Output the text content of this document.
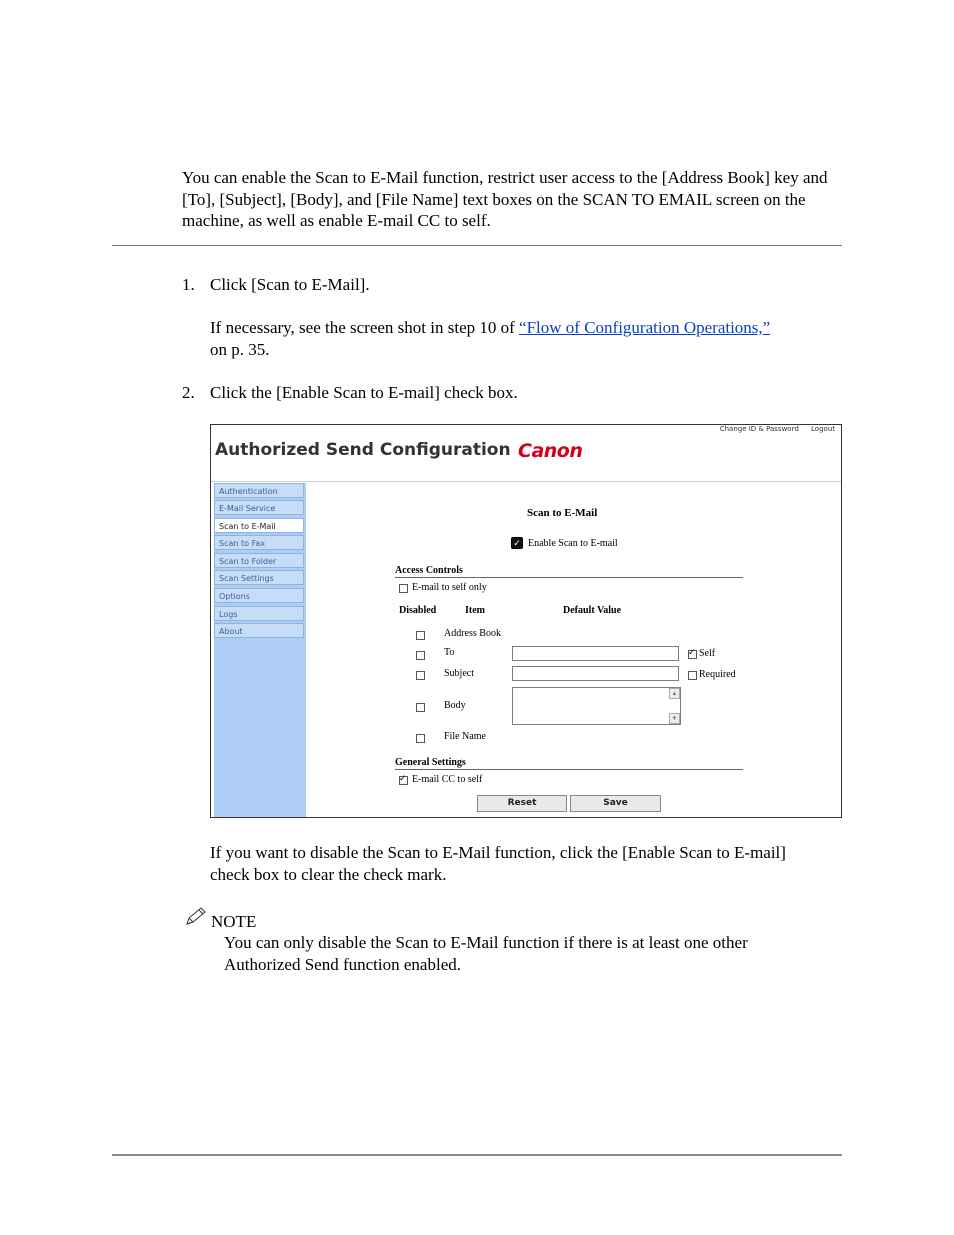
You can enable the Scan to E-Mail function, restrict user access to the [Address Book] key and [To], [Subject], [Body], and [File Name] text boxes on the SCAN TO EMAIL screen on the machine, as well as enable E-mail CC to self.
1. Click [Scan to E-Mail].
If necessary, see the screen shot in step 10 of “Flow of Configuration Operations,”
on p. 35.
2. Click the [Enable Scan to E-mail] check box.
Change ID & Password Logout
Authorized Send Configuration Canon
Authentication
E-Mail Service
Scan to E-Mail
Scan to Fax
Scan to Folder
Scan Settings
Options
Logs
About
Scan to E-Mail
✓ Enable Scan to E-mail
Access Controls
E-mail to self only
Disabled	Item	Default Value
Address Book
To
✓	Self
Subject	Required
Body
▲
▼
File Name
General Settings
✓
E-mail CC to self
Reset	Save
If you want to disable the Scan to E-Mail function, click the [Enable Scan to E-mail] check box to clear the check mark.
NOTE
You can only disable the Scan to E-Mail function if there is at least one other Authorized Send function enabled.
